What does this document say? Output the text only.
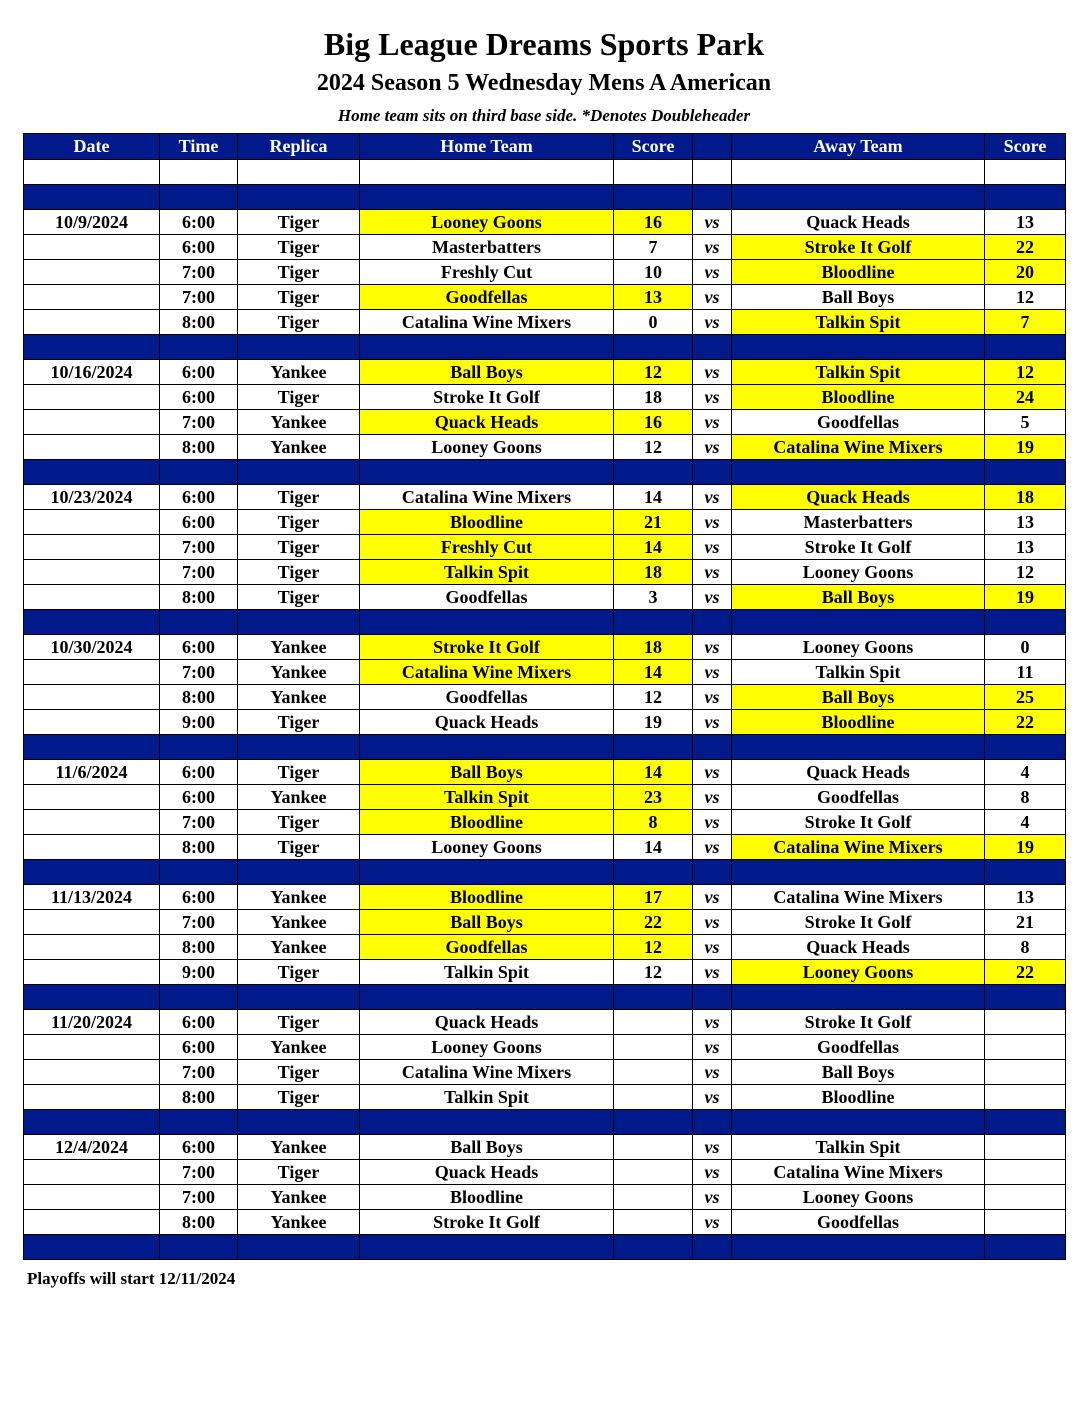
Big League Dreams Sports Park
2024 Season 5 Wednesday Mens A American
Home team sits on third base side. *Denotes Doubleheader
Date	Time	Replica	Home Team	Score		Away Team	Score

10/9/2024	6:00	Tiger	Looney Goons	16	vs	Quack Heads	13
	6:00	Tiger	Masterbatters	7	vs	Stroke It Golf	22
	7:00	Tiger	Freshly Cut	10	vs	Bloodline	20
	7:00	Tiger	Goodfellas	13	vs	Ball Boys	12
	8:00	Tiger	Catalina Wine Mixers	0	vs	Talkin Spit	7

10/16/2024	6:00	Yankee	Ball Boys	12	vs	Talkin Spit	12
	6:00	Tiger	Stroke It Golf	18	vs	Bloodline	24
	7:00	Yankee	Quack Heads	16	vs	Goodfellas	5
	8:00	Yankee	Looney Goons	12	vs	Catalina Wine Mixers	19

10/23/2024	6:00	Tiger	Catalina Wine Mixers	14	vs	Quack Heads	18
	6:00	Tiger	Bloodline	21	vs	Masterbatters	13
	7:00	Tiger	Freshly Cut	14	vs	Stroke It Golf	13
	7:00	Tiger	Talkin Spit	18	vs	Looney Goons	12
	8:00	Tiger	Goodfellas	3	vs	Ball Boys	19

10/30/2024	6:00	Yankee	Stroke It Golf	18	vs	Looney Goons	0
	7:00	Yankee	Catalina Wine Mixers	14	vs	Talkin Spit	11
	8:00	Yankee	Goodfellas	12	vs	Ball Boys	25
	9:00	Tiger	Quack Heads	19	vs	Bloodline	22

11/6/2024	6:00	Tiger	Ball Boys	14	vs	Quack Heads	4
	6:00	Yankee	Talkin Spit	23	vs	Goodfellas	8
	7:00	Tiger	Bloodline	8	vs	Stroke It Golf	4
	8:00	Tiger	Looney Goons	14	vs	Catalina Wine Mixers	19

11/13/2024	6:00	Yankee	Bloodline	17	vs	Catalina Wine Mixers	13
	7:00	Yankee	Ball Boys	22	vs	Stroke It Golf	21
	8:00	Yankee	Goodfellas	12	vs	Quack Heads	8
	9:00	Tiger	Talkin Spit	12	vs	Looney Goons	22

11/20/2024	6:00	Tiger	Quack Heads		vs	Stroke It Golf	
	6:00	Yankee	Looney Goons		vs	Goodfellas	
	7:00	Tiger	Catalina Wine Mixers		vs	Ball Boys	
	8:00	Tiger	Talkin Spit		vs	Bloodline	

12/4/2024	6:00	Yankee	Ball Boys		vs	Talkin Spit	
	7:00	Tiger	Quack Heads		vs	Catalina Wine Mixers	
	7:00	Yankee	Bloodline		vs	Looney Goons	
	8:00	Yankee	Stroke It Golf		vs	Goodfellas	

Playoffs will start 12/11/2024
